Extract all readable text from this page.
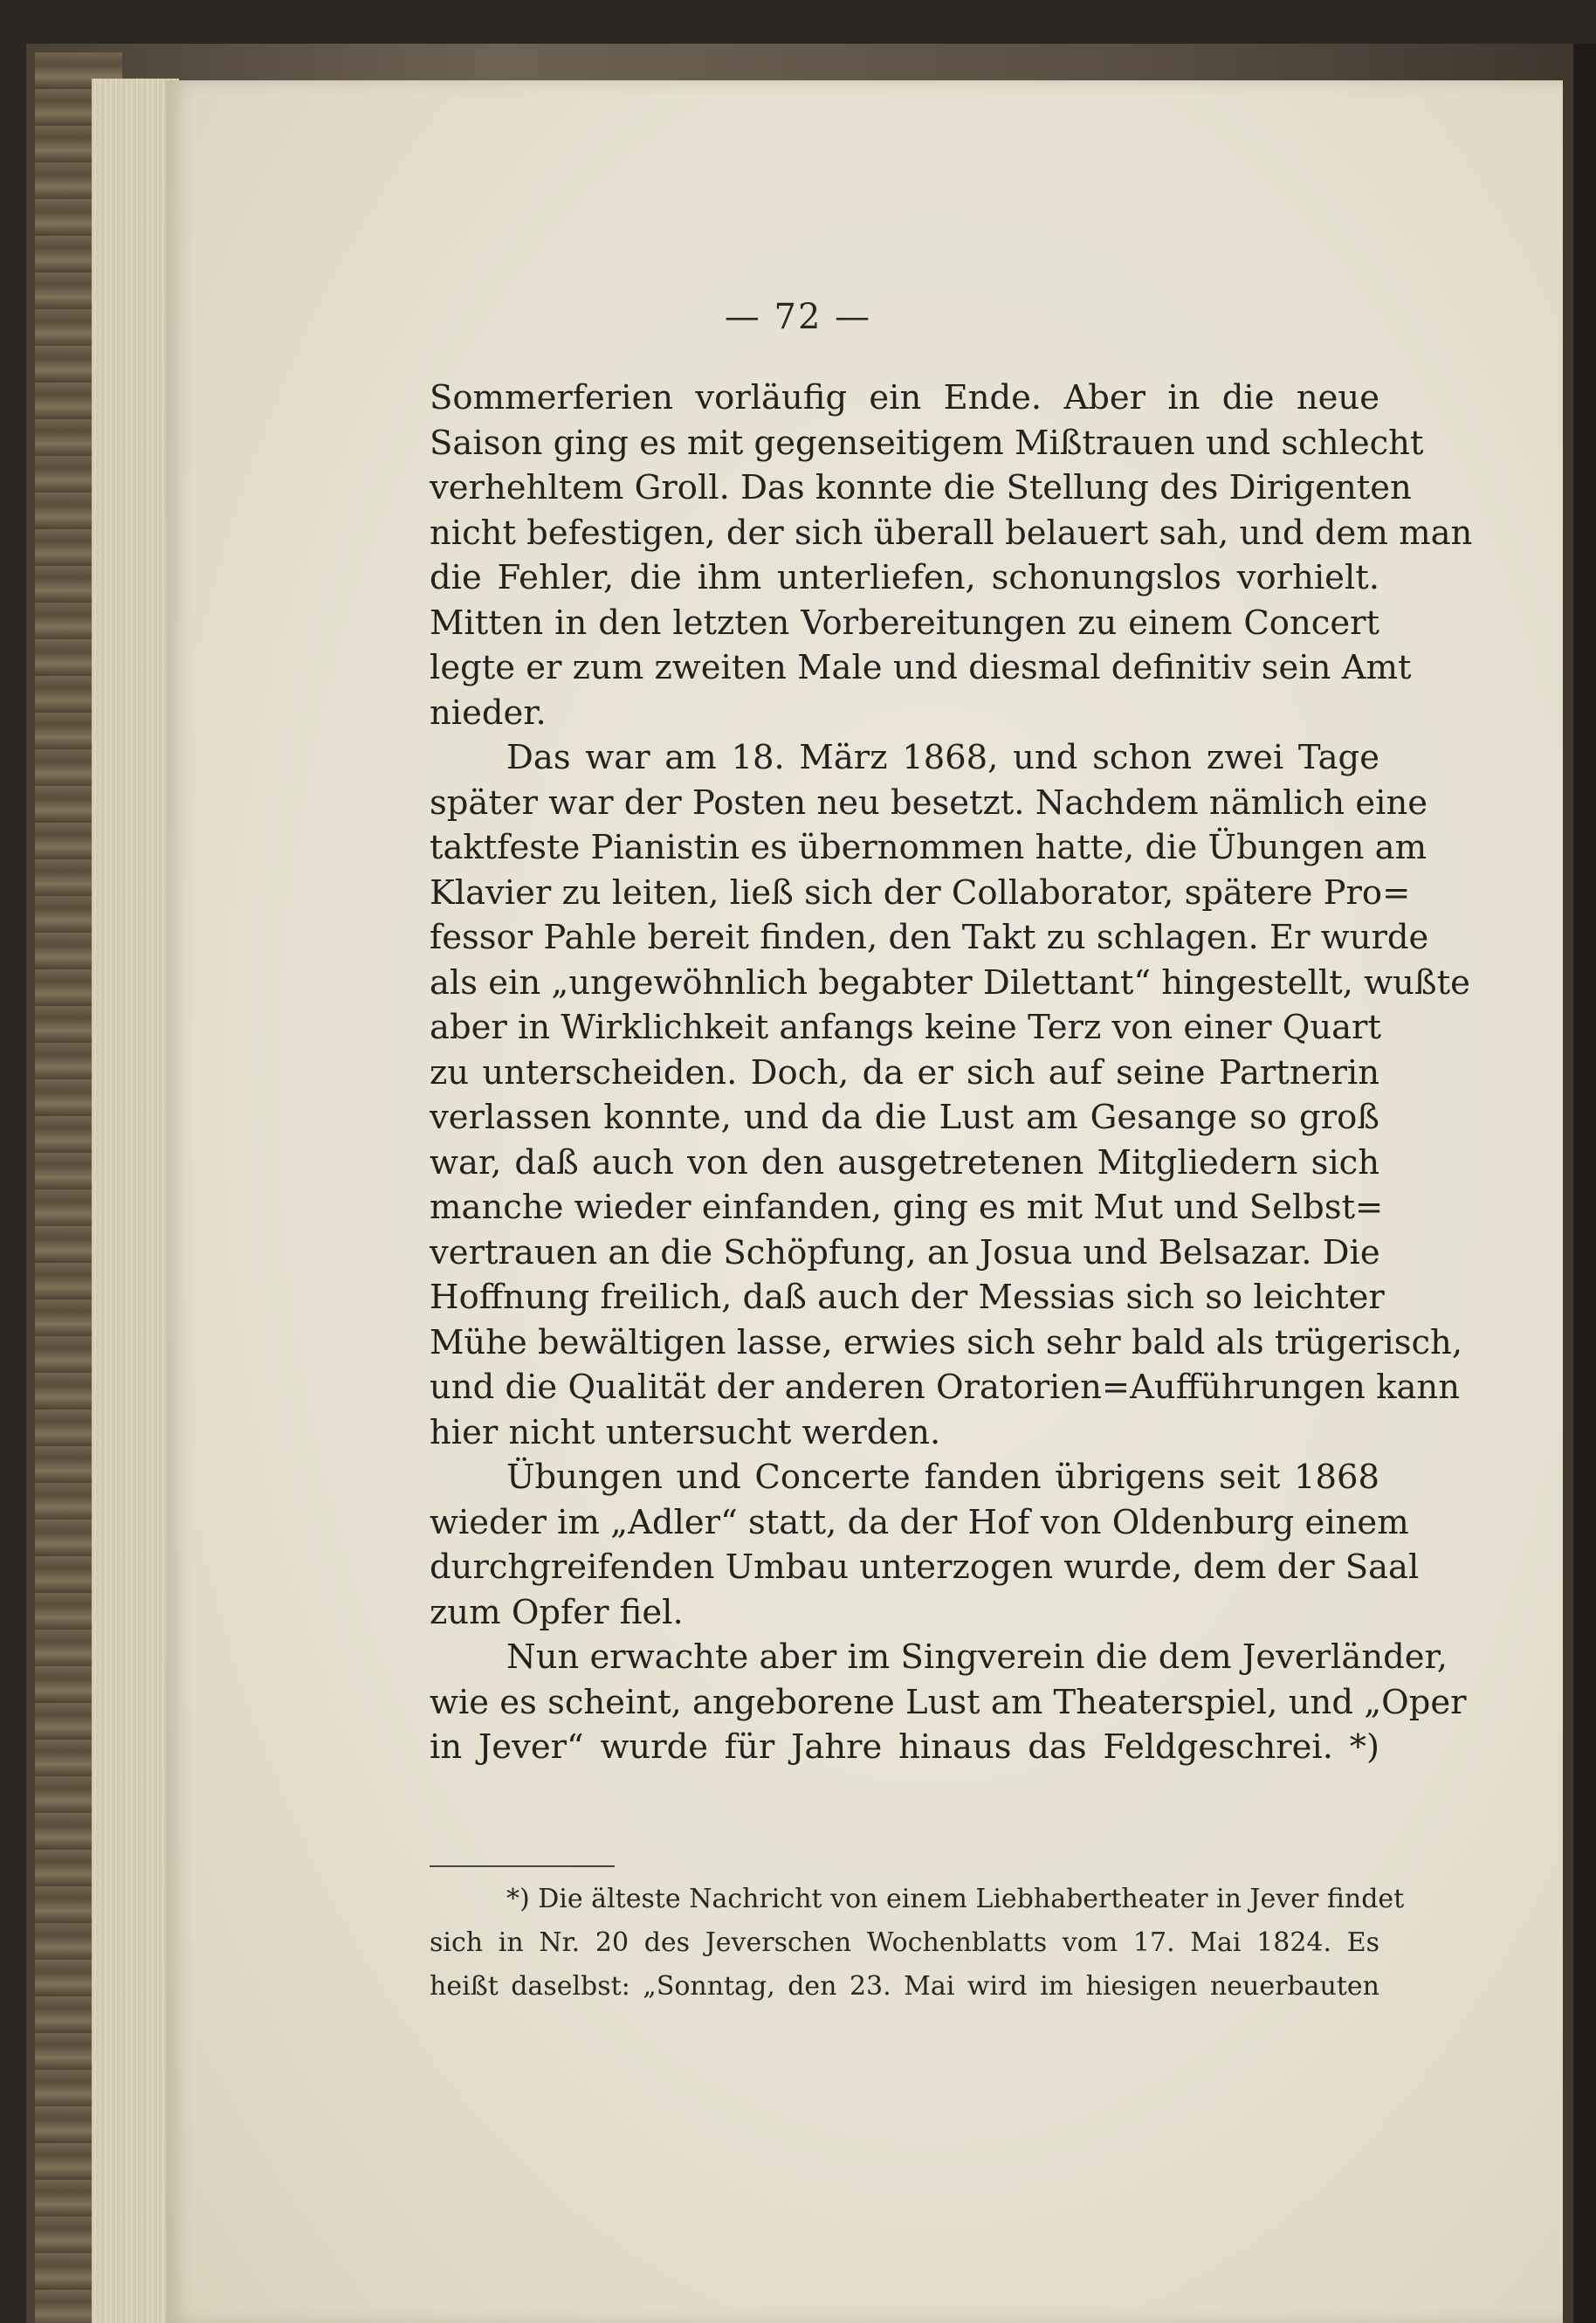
— 72 —
Sommerferien vorläufig ein Ende. Aber in die neue
Saison ging es mit gegenseitigem Mißtrauen und schlecht
verhehltem Groll. Das konnte die Stellung des Dirigenten
nicht befestigen, der sich überall belauert sah, und dem man
die Fehler, die ihm unterliefen, schonungslos vorhielt.
Mitten in den letzten Vorbereitungen zu einem Concert
legte er zum zweiten Male und diesmal definitiv sein Amt
nieder.
Das war am 18. März 1868, und schon zwei Tage
später war der Posten neu besetzt. Nachdem nämlich eine
taktfeste Pianistin es übernommen hatte, die Übungen am
Klavier zu leiten, ließ sich der Collaborator, spätere Pro=
fessor Pahle bereit finden, den Takt zu schlagen. Er wurde
als ein „ungewöhnlich begabter Dilettant“ hingestellt, wußte
aber in Wirklichkeit anfangs keine Terz von einer Quart
zu unterscheiden. Doch, da er sich auf seine Partnerin
verlassen konnte, und da die Lust am Gesange so groß
war, daß auch von den ausgetretenen Mitgliedern sich
manche wieder einfanden, ging es mit Mut und Selbst=
vertrauen an die Schöpfung, an Josua und Belsazar. Die
Hoffnung freilich, daß auch der Messias sich so leichter
Mühe bewältigen lasse, erwies sich sehr bald als trügerisch,
und die Qualität der anderen Oratorien=Aufführungen kann
hier nicht untersucht werden.
Übungen und Concerte fanden übrigens seit 1868
wieder im „Adler“ statt, da der Hof von Oldenburg einem
durchgreifenden Umbau unterzogen wurde, dem der Saal
zum Opfer fiel.
Nun erwachte aber im Singverein die dem Jeverländer,
wie es scheint, angeborene Lust am Theaterspiel, und „Oper
in Jever“ wurde für Jahre hinaus das Feldgeschrei. *)
*) Die älteste Nachricht von einem Liebhabertheater in Jever findet
sich in Nr. 20 des Jeverschen Wochenblatts vom 17. Mai 1824. Es
heißt daselbst: „Sonntag, den 23. Mai wird im hiesigen neuerbauten
